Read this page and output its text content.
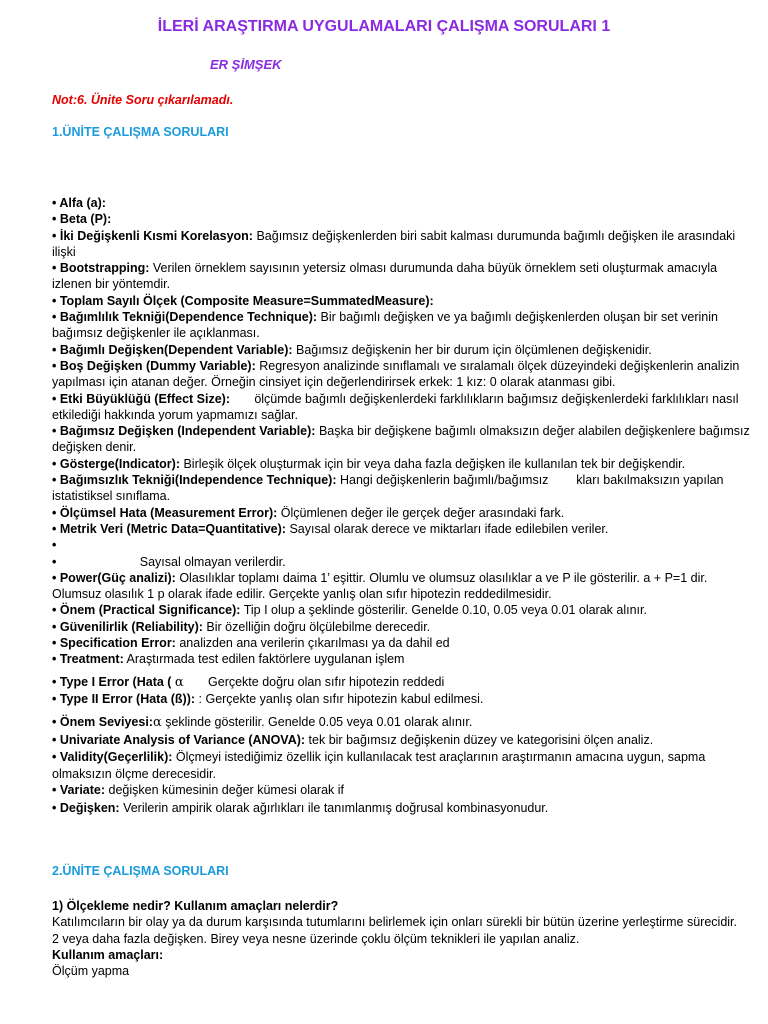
İLERİ ARAŞTIRMA UYGULAMALARI ÇALIŞMA SORULARI 1
ER ŞİMŞEK
Not:6. Ünite Soru çıkarılamadı.
1.ÜNİTE ÇALIŞMA SORULARI
• Alfa (a):
• Beta (P):
• İki Değişkenli Kısmi Korelasyon: Bağımsız değişkenlerden biri sabit kalması durumunda bağımlı değişken ile arasındaki ilişki
• Bootstrapping: Verilen örneklem sayısının yetersiz olması durumunda daha büyük örneklem seti oluşturmak amacıyla izlenen bir yöntemdir.
• Toplam Sayılı Ölçek (Composite Measure=SummatedMeasure):
• Bağımlılık Tekniği(Dependence Technique): Bir bağımlı değişken ve ya bağımlı değişkenlerden oluşan bir set verinin bağımsız değişkenler ile açıklanması.
• Bağımlı Değişken(Dependent Variable): Bağımsız değişkenin her bir durum için ölçümlenen değişkenidir.
• Boş Değişken (Dummy Variable): Regresyon analizinde sınıflamalı ve sıralamalı ölçek düzeyindeki değişkenlerin analizin yapılması için atanan değer. Örneğin cinsiyet için değerlendirirsek erkek: 1 kız: 0 olarak atanması gibi.
• Etki Büyüklüğü (Effect Size):       ölçümde bağımlı değişkenlerdeki farklılıkların bağımsız değişkenlerdeki farklılıkları nasıl etkilediği hakkında yorum yapmamızı sağlar.
• Bağımsız Değişken (Independent Variable): Başka bir değişkene bağımlı olmaksızın değer alabilen değişkenlere bağımsız değişken denir.
• Gösterge(Indicator): Birleşik ölçek oluşturmak için bir veya daha fazla değişken ile kullanılan tek bir değişkendir.
• Bağımsızlık Tekniği(Independence Technique): Hangi değişkenlerin bağımlı/bağımsız        kları bakılmaksızın yapılan istatistiksel sınıflama.
• Ölçümsel Hata (Measurement Error): Ölçümlenen değer ile gerçek değer arasındaki fark.
• Metrik Veri (Metric Data=Quantitative): Sayısal olarak derece ve miktarları ifade edilebilen veriler.
•
•                        Sayısal olmayan verilerdir.
• Power(Güç analizi): Olasılıklar toplamı daima 1’ eşittir. Olumlu ve olumsuz olasılıklar a ve P ile gösterilir. a + P=1 dir. Olumsuz olasılık 1 p olarak ifade edilir. Gerçekte yanlış olan sıfır hipotezin reddedilmesidir.
• Önem (Practical Significance): Tip I olup a şeklinde gösterilir. Genelde 0.10, 0.05 veya 0.01 olarak alınır.
• Güvenilirlik (Reliability): Bir özelliğin doğru ölçülebilme derecedir.
• Specification Error: analizden ana verilerin çıkarılması ya da dahil ed
• Treatment: Araştırmada test edilen faktörlere uygulanan işlem
• Type I Error (Hata ( α       Gerçekte doğru olan sıfır hipotezin reddedi
• Type II Error (Hata (ß)): : Gerçekte yanlış olan sıfır hipotezin kabul edilmesi.
• Önem Seviyesi:α şeklinde gösterilir. Genelde 0.05 veya 0.01 olarak alınır.
• Univariate Analysis of Variance (ANOVA): tek bir bağımsız değişkenin düzey ve kategorisini ölçen analiz.
• Validity(Geçerlilik): Ölçmeyi istediğimiz özellik için kullanılacak test araçlarının araştırmanın amacına uygun, sapma olmaksızın ölçme derecesidir.
• Variate: değişken kümesinin değer kümesi olarak if
• Değişken: Verilerin ampirik olarak ağırlıkları ile tanımlanmış doğrusal kombinasyonudur.
2.ÜNİTE ÇALIŞMA SORULARI
1) Ölçekleme nedir? Kullanım amaçları nelerdir?
Katılımcıların bir olay ya da durum karşısında tutumlarını belirlemek için onları sürekli bir bütün üzerine yerleştirme sürecidir.
2 veya daha fazla değişken. Birey veya nesne üzerinde çoklu ölçüm teknikleri ile yapılan analiz.
Kullanım amaçları:
Ölçüm yapma
